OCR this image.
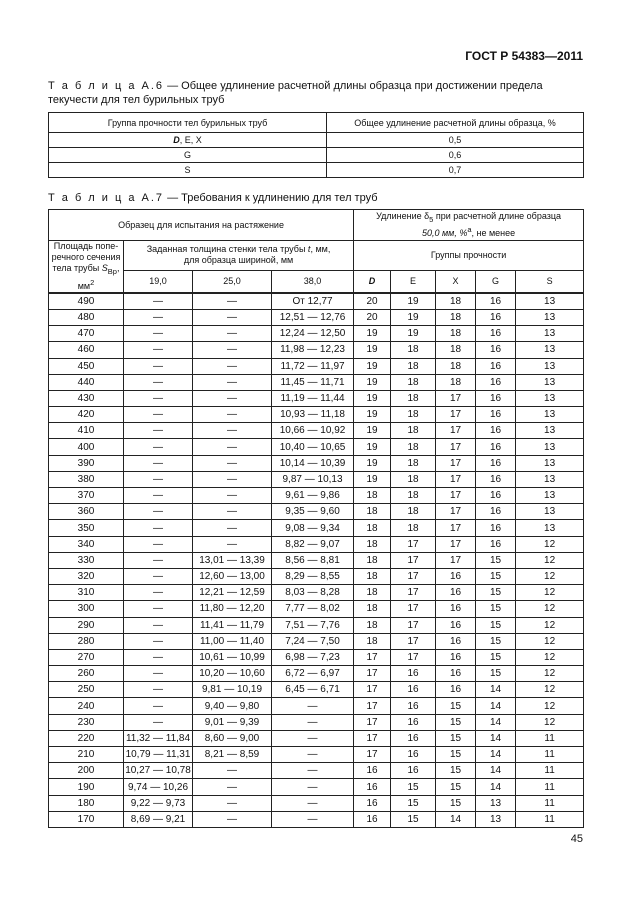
ГОСТ Р 54383—2011
Т а б л и ц а А.6 — Общее удлинение расчетной длины образца при достижении предела текучести для тел бурильных труб
Группа прочности тел бурильных труб	Общее удлинение расчетной длины образца, %
D, E, X	0,5
G	0,6
S	0,7
Т а б л и ц а А.7 — Требования к удлинению для тел труб
Образец для испытания на растяжение				Удлинение $\delta_5$ при расчетной длине образца
50,0 мм, %$^a$, не менее				
Площадь попе-
речного сечения
тела трубы $S_{Вр}$,
$мм^2$	Заданная толщина стенки тела трубы t, мм,
для образца шириной, мм			Группы прочности				
	19,0	25,0	38,0	D	E	X	G	S
490	—	—	От 12,77	20	19	18	16	13
480	—	—	12,51 — 12,76	20	19	18	16	13
470	—	—	12,24 — 12,50	19	19	18	16	13
460	—	—	11,98 — 12,23	19	18	18	16	13
450	—	—	11,72 — 11,97	19	18	18	16	13
440	—	—	11,45 — 11,71	19	18	18	16	13
430	—	—	11,19 — 11,44	19	18	17	16	13
420	—	—	10,93 — 11,18	19	18	17	16	13
410	—	—	10,66 — 10,92	19	18	17	16	13
400	—	—	10,40 — 10,65	19	18	17	16	13
390	—	—	10,14 — 10,39	19	18	17	16	13
380	—	—	9,87 — 10,13	19	18	17	16	13
370	—	—	9,61 — 9,86	18	18	17	16	13
360	—	—	9,35 — 9,60	18	18	17	16	13
350	—	—	9,08 — 9,34	18	18	17	16	13
340	—	—	8,82 — 9,07	18	17	17	16	12
330	—	13,01 — 13,39	8,56 — 8,81	18	17	17	15	12
320	—	12,60 — 13,00	8,29 — 8,55	18	17	16	15	12
310	—	12,21 — 12,59	8,03 — 8,28	18	17	16	15	12
300	—	11,80 — 12,20	7,77 — 8,02	18	17	16	15	12
290	—	11,41 — 11,79	7,51 — 7,76	18	17	16	15	12
280	—	11,00 — 11,40	7,24 — 7,50	18	17	16	15	12
270	—	10,61 — 10,99	6,98 — 7,23	17	17	16	15	12
260	—	10,20 — 10,60	6,72 — 6,97	17	16	16	15	12
250	—	9,81 — 10,19	6,45 — 6,71	17	16	16	14	12
240	—	9,40 — 9,80	—	17	16	15	14	12
230	—	9,01 — 9,39	—	17	16	15	14	12
220	11,32 — 11,84	8,60 — 9,00	—	17	16	15	14	11
210	10,79 — 11,31	8,21 — 8,59	—	17	16	15	14	11
200	10,27 — 10,78	—	—	16	16	15	14	11
190	9,74 — 10,26	—	—	16	15	15	14	11
180	9,22 — 9,73	—	—	16	15	15	13	11
170	8,69 — 9,21	—	—	16	15	14	13	11
45
